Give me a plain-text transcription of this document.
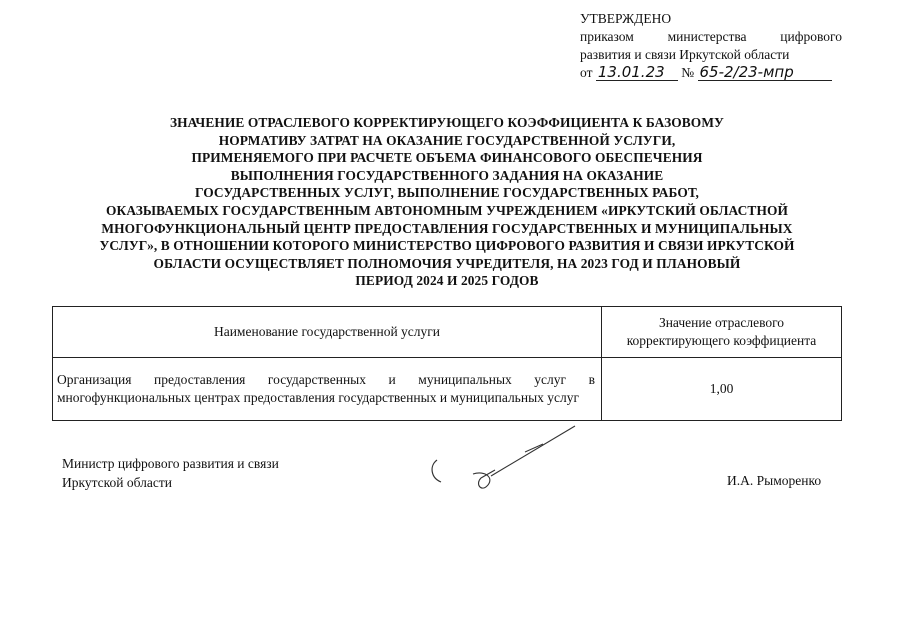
УТВЕРЖДЕНО
приказом министерства цифрового
развития и связи Иркутской области
от 13.01.23 № 65-2/23-мпр
ЗНАЧЕНИЕ ОТРАСЛЕВОГО КОРРЕКТИРУЮЩЕГО КОЭФФИЦИЕНТА К БАЗОВОМУ
НОРМАТИВУ ЗАТРАТ НА ОКАЗАНИЕ ГОСУДАРСТВЕННОЙ УСЛУГИ,
ПРИМЕНЯЕМОГО ПРИ РАСЧЕТЕ ОБЪЕМА ФИНАНСОВОГО ОБЕСПЕЧЕНИЯ
ВЫПОЛНЕНИЯ ГОСУДАРСТВЕННОГО ЗАДАНИЯ НА ОКАЗАНИЕ
ГОСУДАРСТВЕННЫХ УСЛУГ, ВЫПОЛНЕНИЕ ГОСУДАРСТВЕННЫХ РАБОТ,
ОКАЗЫВАЕМЫХ ГОСУДАРСТВЕННЫМ АВТОНОМНЫМ УЧРЕЖДЕНИЕМ «ИРКУТСКИЙ ОБЛАСТНОЙ
МНОГОФУНКЦИОНАЛЬНЫЙ ЦЕНТР ПРЕДОСТАВЛЕНИЯ ГОСУДАРСТВЕННЫХ И МУНИЦИПАЛЬНЫХ
УСЛУГ», В ОТНОШЕНИИ КОТОРОГО МИНИСТЕРСТВО ЦИФРОВОГО РАЗВИТИЯ И СВЯЗИ ИРКУТСКОЙ
ОБЛАСТИ ОСУЩЕСТВЛЯЕТ ПОЛНОМОЧИЯ УЧРЕДИТЕЛЯ, НА 2023 ГОД И ПЛАНОВЫЙ
ПЕРИОД 2024 И 2025 ГОДОВ
Наименование государственной услуги	Значение отраслевого корректирующего коэффициента
Организация предоставления государственных и муниципальных услуг в многофункциональных центрах предоставления государственных и муниципальных услуг	1,00
Министр цифрового развития и связи
Иркутской области	И.А. Рыморенко
